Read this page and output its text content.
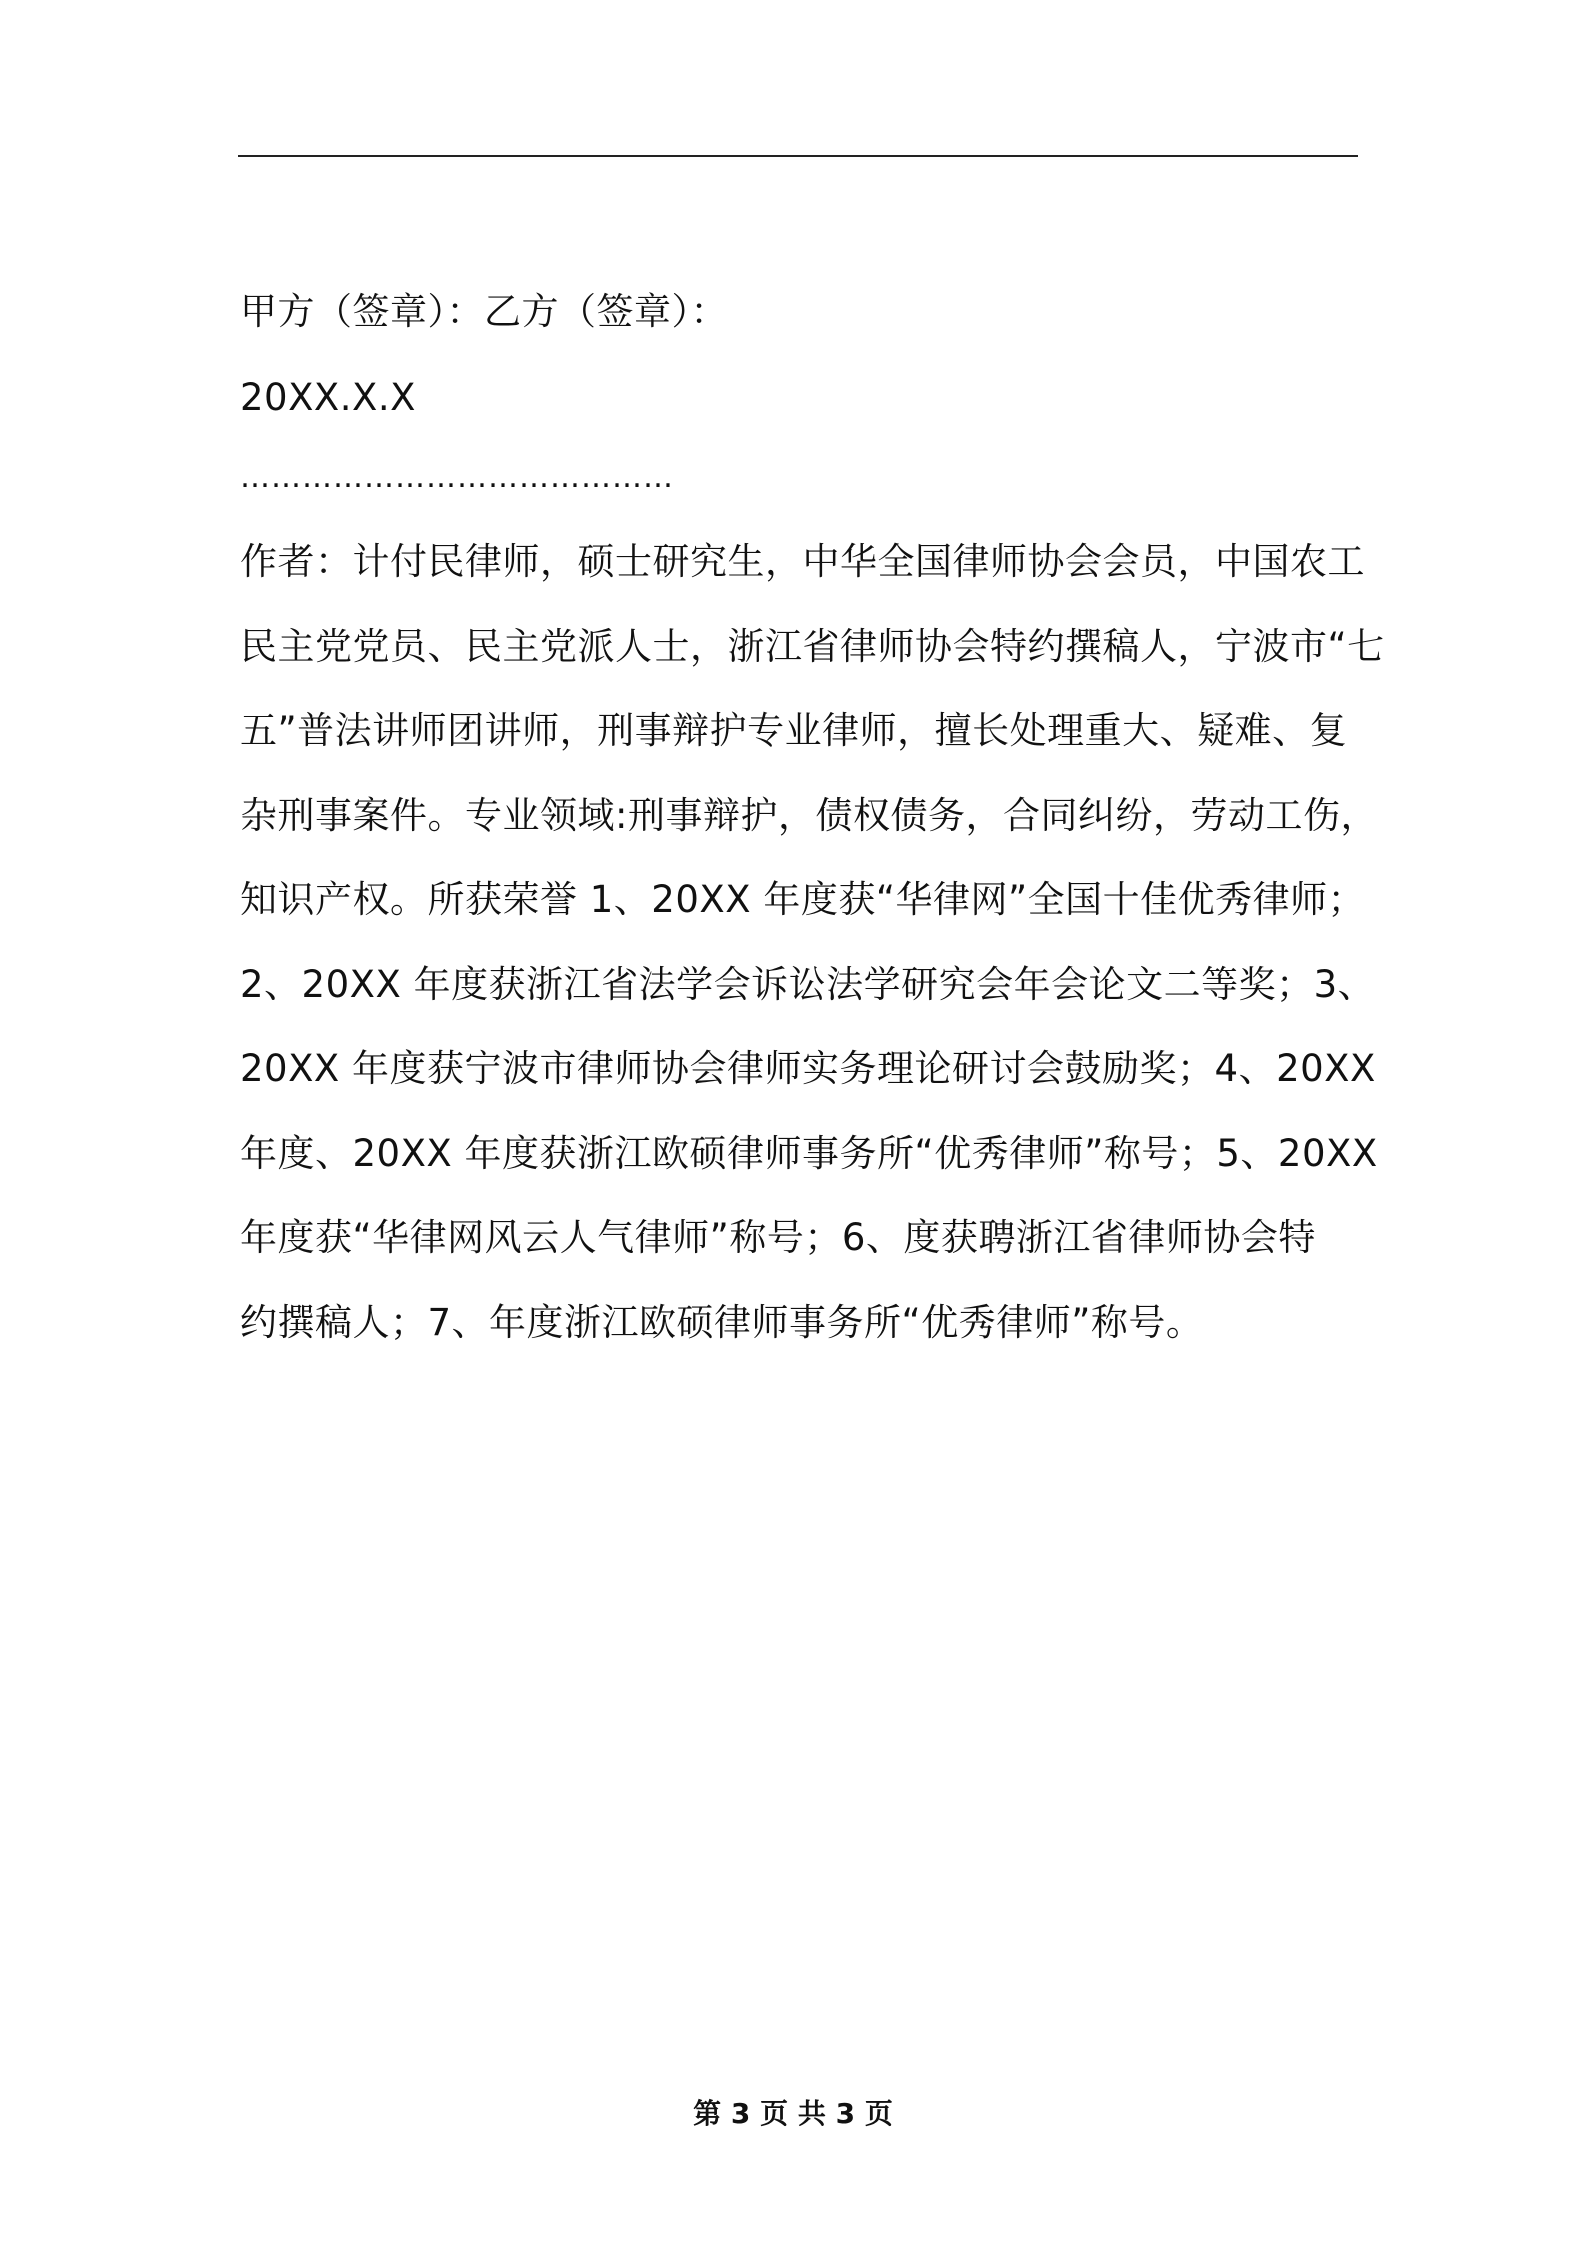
甲方（签章）：乙方（签章）：
20XX.X.X
……………………………………
作者：计付民律师，硕士研究生，中华全国律师协会会员，中国农工
民主党党员、民主党派人士，浙江省律师协会特约撰稿人，宁波市“七
五”普法讲师团讲师，刑事辩护专业律师，擅长处理重大、疑难、复
杂刑事案件。专业领域:刑事辩护，债权债务，合同纠纷，劳动工伤，
知识产权。所获荣誉 1、20XX 年度获“华律网”全国十佳优秀律师；
2、20XX 年度获浙江省法学会诉讼法学研究会年会论文二等奖；3、
20XX 年度获宁波市律师协会律师实务理论研讨会鼓励奖；4、20XX
年度、20XX 年度获浙江欧硕律师事务所“优秀律师”称号；5、20XX
年度获“华律网风云人气律师”称号；6、度获聘浙江省律师协会特
约撰稿人；7、年度浙江欧硕律师事务所“优秀律师”称号。
第 3 页 共 3 页
